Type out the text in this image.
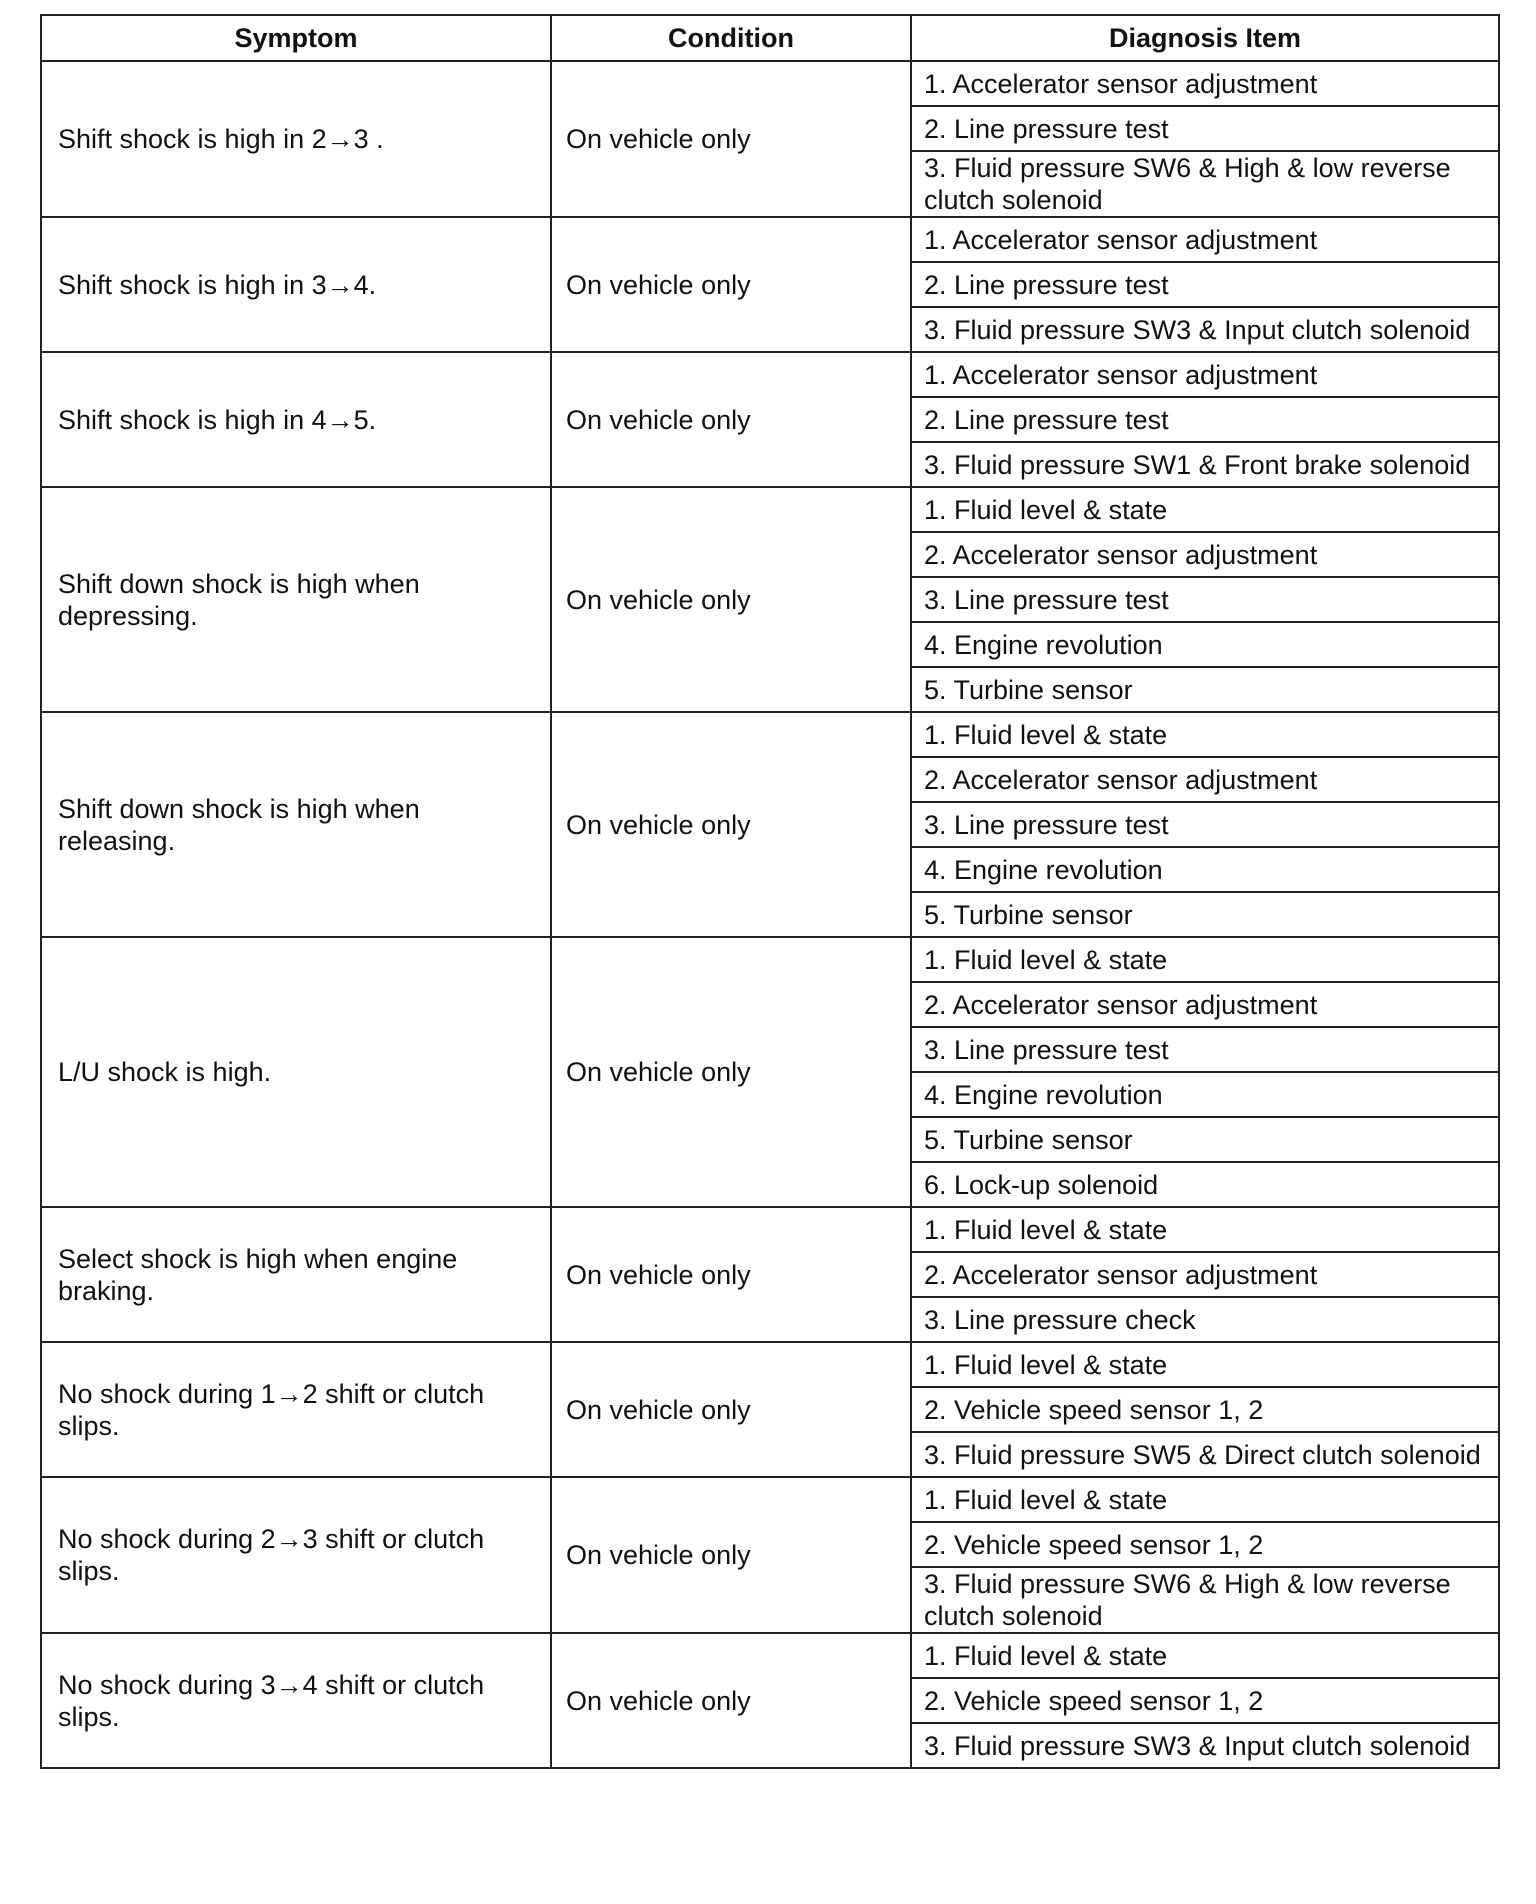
Symptom	Condition	Diagnosis Item
Shift shock is high in 2→3 .	On vehicle only	1. Accelerator sensor adjustment
		2. Line pressure test
		3. Fluid pressure SW6 & High & low reverse clutch solenoid
Shift shock is high in 3→4.	On vehicle only	1. Accelerator sensor adjustment
		2. Line pressure test
		3. Fluid pressure SW3 & Input clutch solenoid
Shift shock is high in 4→5.	On vehicle only	1. Accelerator sensor adjustment
		2. Line pressure test
		3. Fluid pressure SW1 & Front brake solenoid
Shift down shock is high when depressing.	On vehicle only	1. Fluid level & state
		2. Accelerator sensor adjustment
		3. Line pressure test
		4. Engine revolution
		5. Turbine sensor
Shift down shock is high when releasing.	On vehicle only	1. Fluid level & state
		2. Accelerator sensor adjustment
		3. Line pressure test
		4. Engine revolution
		5. Turbine sensor
L/U shock is high.	On vehicle only	1. Fluid level & state
		2. Accelerator sensor adjustment
		3. Line pressure test
		4. Engine revolution
		5. Turbine sensor
		6. Lock-up solenoid
Select shock is high when engine braking.	On vehicle only	1. Fluid level & state
		2. Accelerator sensor adjustment
		3. Line pressure check
No shock during 1→2 shift or clutch slips.	On vehicle only	1. Fluid level & state
		2. Vehicle speed sensor 1, 2
		3. Fluid pressure SW5 & Direct clutch solenoid
No shock during 2→3 shift or clutch slips.	On vehicle only	1. Fluid level & state
		2. Vehicle speed sensor 1, 2
		3. Fluid pressure SW6 & High & low reverse clutch solenoid
No shock during 3→4 shift or clutch slips.	On vehicle only	1. Fluid level & state
		2. Vehicle speed sensor 1, 2
		3. Fluid pressure SW3 & Input clutch solenoid
